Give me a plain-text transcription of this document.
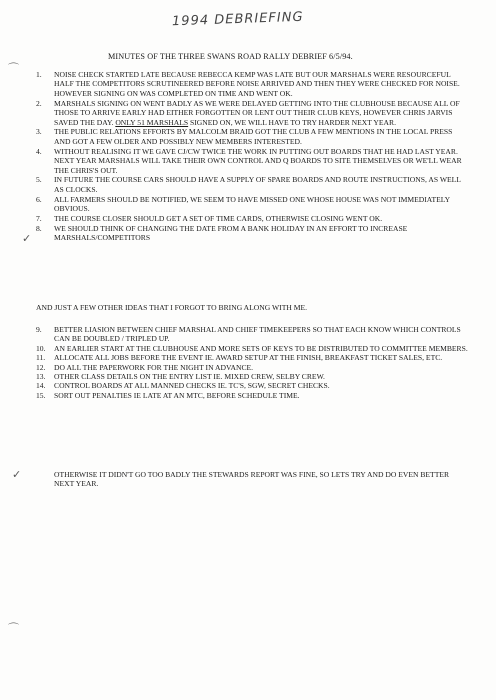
1994 DEBRIEFING
MINUTES OF THE THREE SWANS ROAD RALLY DEBRIEF 6/5/94.
⌒ 1. NOISE CHECK STARTED LATE BECAUSE REBECCA KEMP WAS LATE BUT OUR MARSHALS WERE RESOURCEFUL HALF THE COMPETITORS SCRUTINEERED BEFORE NOISE ARRIVED AND THEN THEY WERE CHECKED FOR NOISE. HOWEVER SIGNING ON WAS COMPLETED ON TIME AND WENT OK.
2. MARSHALS SIGNING ON WENT BADLY AS WE WERE DELAYED GETTING INTO THE CLUBHOUSE BECAUSE ALL OF THOSE TO ARRIVE EARLY HAD EITHER FORGOTTEN OR LENT OUT THEIR CLUB KEYS, HOWEVER CHRIS JARVIS SAVED THE DAY. ONLY 51 MARSHALS SIGNED ON, WE WILL HAVE TO TRY HARDER NEXT YEAR.
3. THE PUBLIC RELATIONS EFFORTS BY MALCOLM BRAID GOT THE CLUB A FEW MENTIONS IN THE LOCAL PRESS AND GOT A FEW OLDER AND POSSIBLY NEW MEMBERS INTERESTED.
4. WITHOUT REALISING IT WE GAVE CJ/CW TWICE THE WORK IN PUTTING OUT BOARDS THAT HE HAD LAST YEAR. NEXT YEAR MARSHALS WILL TAKE THEIR OWN CONTROL AND Q BOARDS TO SITE THEMSELVES OR WE'LL WEAR THE CHRIS'S OUT.
5. IN FUTURE THE COURSE CARS SHOULD HAVE A SUPPLY OF SPARE BOARDS AND ROUTE INSTRUCTIONS, AS WELL AS CLOCKS.
6. ALL FARMERS SHOULD BE NOTIFIED, WE SEEM TO HAVE MISSED ONE WHOSE HOUSE WAS NOT IMMEDIATELY OBVIOUS.
7. THE COURSE CLOSER SHOULD GET A SET OF TIME CARDS, OTHERWISE CLOSING WENT OK.
8. WE SHOULD THINK OF CHANGING THE DATE FROM A BANK HOLIDAY IN AN EFFORT TO INCREASE MARSHALS/COMPETITORS
✓
AND JUST A FEW OTHER IDEAS THAT I FORGOT TO BRING ALONG WITH ME.
9. BETTER LIASION BETWEEN CHIEF MARSHAL AND CHIEF TIMEKEEPERS SO THAT EACH KNOW WHICH CONTROLS CAN BE DOUBLED / TRIPLED UP.
10. AN EARLIER START AT THE CLUBHOUSE AND MORE SETS OF KEYS TO BE DISTRIBUTED TO COMMITTEE MEMBERS.
11. ALLOCATE ALL JOBS BEFORE THE EVENT IE. AWARD SETUP AT THE FINISH, BREAKFAST TICKET SALES, ETC.
12. DO ALL THE PAPERWORK FOR THE NIGHT IN ADVANCE.
13. OTHER CLASS DETAILS ON THE ENTRY LIST IE. MIXED CREW, SELBY CREW.
14. CONTROL BOARDS AT ALL MANNED CHECKS IE. TC'S, SGW, SECRET CHECKS.
15. SORT OUT PENALTIES IE LATE AT AN MTC, BEFORE SCHEDULE TIME.
✓	OTHERWISE IT DIDN'T GO TOO BADLY THE STEWARDS REPORT WAS FINE, SO LETS TRY AND DO EVEN BETTER NEXT YEAR.
⌒
